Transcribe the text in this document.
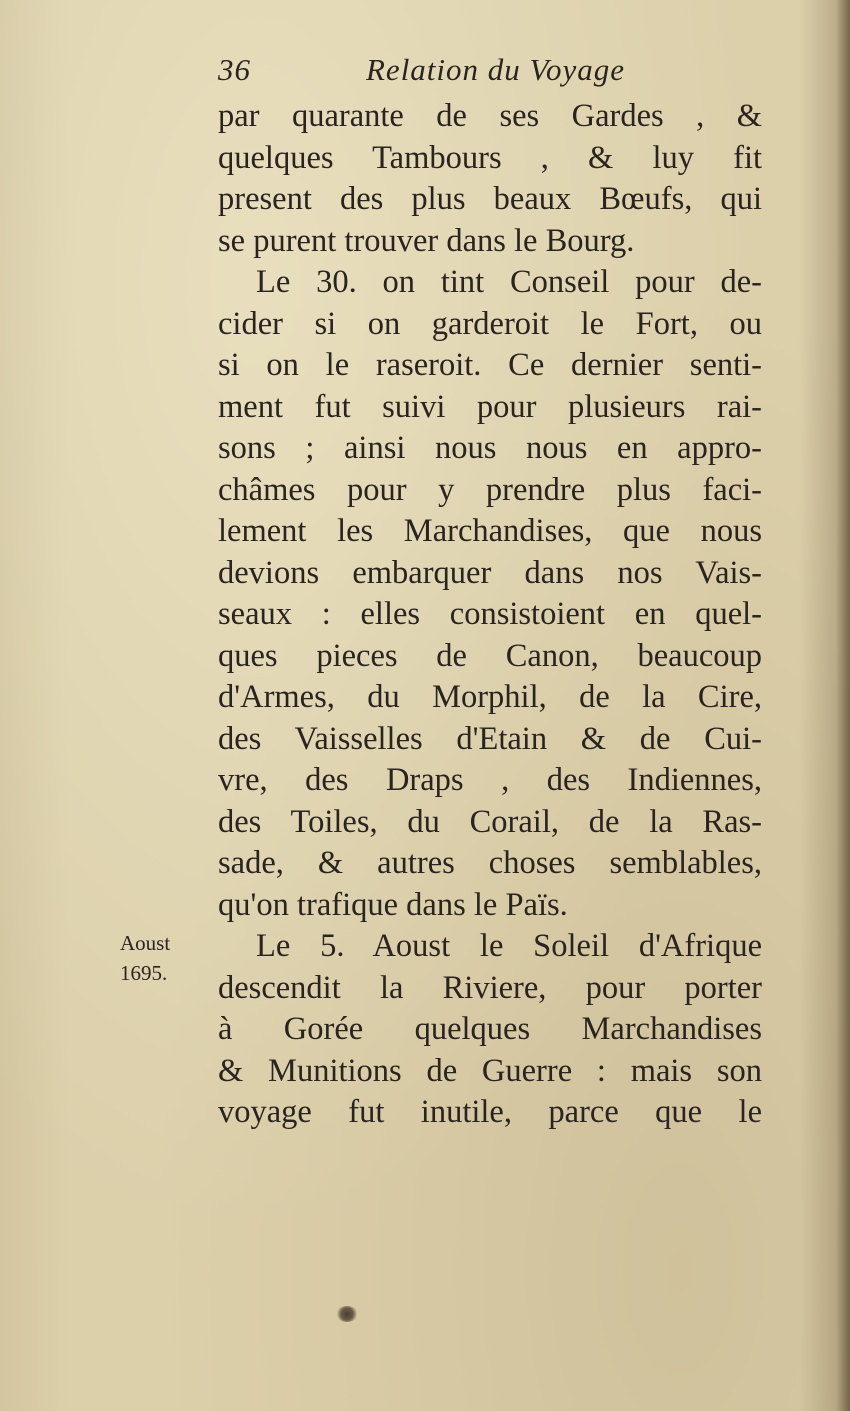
36	Relation du Voyage
Aoust
1695.
par quarante de ses Gardes , &
quelques Tambours , & luy fit
present des plus beaux Bœufs, qui
se purent trouver dans le Bourg.
Le 30. on tint Conseil pour de-
cider si on garderoit le Fort, ou
si on le raseroit. Ce dernier senti-
ment fut suivi pour plusieurs rai-
sons ; ainsi nous nous en appro-
châmes pour y prendre plus faci-
lement les Marchandises, que nous
devions embarquer dans nos Vais-
seaux : elles consistoient en quel-
ques pieces de Canon, beaucoup
d'Armes, du Morphil, de la Cire,
des Vaisselles d'Etain & de Cui-
vre, des Draps , des Indiennes,
des Toiles, du Corail, de la Ras-
sade, & autres choses semblables,
qu'on trafique dans le Païs.
Le 5. Aoust le Soleil d'Afrique
descendit la Riviere, pour porter
à Gorée quelques Marchandises
& Munitions de Guerre : mais son
voyage fut inutile, parce que le
